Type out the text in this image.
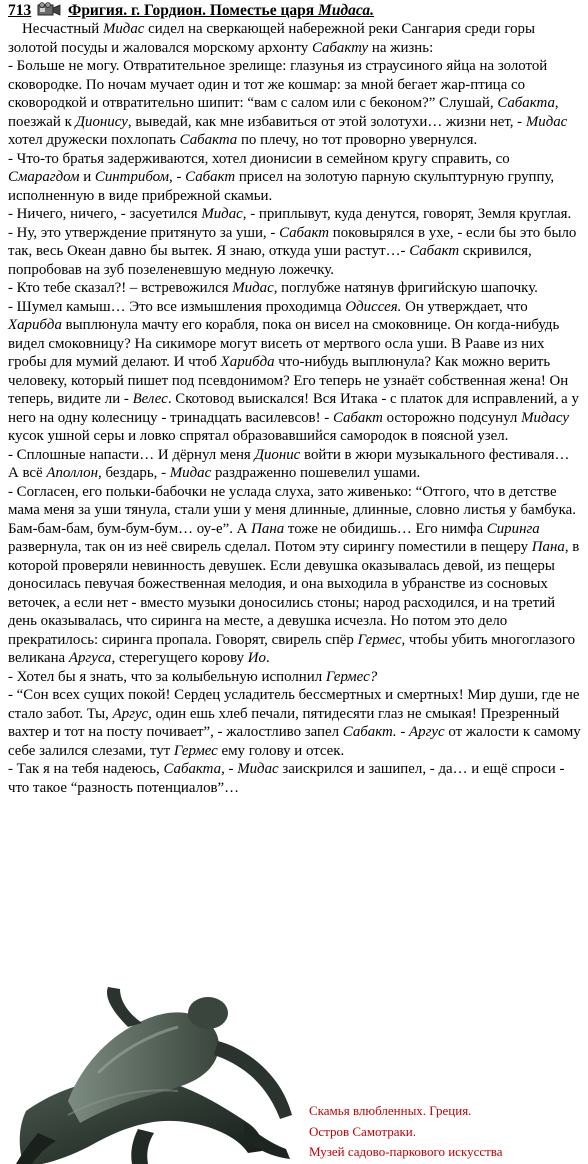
713 Фригия. г. Гордион. Поместье царя Мидаса.

Несчастный Мидас сидел на сверкающей набережной реки Сангария среди горы золотой посуды и жаловался морскому архонту Сабакту на жизнь:

- Больше не могу. Отвратительное зрелище: глазунья из страусиного яйца на золотой сковородке. По ночам мучает один и тот же кошмар: за мной бегает жар-птица со сковородкой и отвратительно шипит: “вам с салом или с беконом?” Слушай, Сабакта, поезжай к Дионису, выведай, как мне избавиться от этой золотухи… жизни нет, - Мидас хотел дружески похлопать Сабакта по плечу, но тот проворно увернулся.

- Что-то братья задерживаются, хотел дионисии в семейном кругу справить, со Смарагдом и Синтрибом, - Сабакт присел на золотую парную скульптурную группу, исполненную в виде прибрежной скамьи.

- Ничего, ничего, - засуетился Мидас, - приплывут, куда денутся, говорят, Земля круглая.

- Ну, это утверждение притянуто за уши, - Сабакт поковырялся в ухе, - если бы это было так, весь Океан давно бы вытек. Я знаю, откуда уши растут…- Сабакт скривился, попробовав на зуб позеленевшую медную ложечку.

- Кто тебе сказал?! – встревожился Мидас, поглубже натянув фригийскую шапочку.

- Шумел камыш… Это все измышления проходимца Одиссея. Он утверждает, что Харибда выплюнула мачту его корабля, пока он висел на смоковнице. Он когда-нибудь видел смоковницу? На сикиморе могут висеть от мертвого осла уши. В Рааве из них гробы для мумий делают. И чтоб Харибда что-нибудь выплюнула? Как можно верить человеку, который пишет под псевдонимом? Его теперь не узнаёт собственная жена! Он теперь, видите ли - Велес. Скотовод выискался! Вся Итака - с платок для исправлений, а у него на одну колесницу - тринадцать василевсов! - Сабакт осторожно подсунул Мидасу кусок ушной серы и ловко спрятал образовавшийся самородок в поясной узел.

- Сплошные напасти… И дёрнул меня Дионис войти в жюри музыкального фестиваля… А всё Аполлон, бездарь, - Мидас раздраженно пошевелил ушами.

- Согласен, его польки-бабочки не услада слуха, зато живенько: “Отгого, что в детстве мама меня за уши тянула, стали уши у меня длинные, длинные, словно листья у бамбука. Бам-бам-бам, бум-бум-бум… оу-е”. А Пана тоже не обидишь… Его нимфа Сиринга развернула, так он из неё свирель сделал. Потом эту сирингу поместили в пещеру Пана, в которой проверяли невинность девушек. Если девушка оказывалась девой, из пещеры доносилась певучая божественная мелодия, и она выходила в убранстве из сосновых веточек, а если нет - вместо музыки доносились стоны; народ расходился, и на третий день оказывалась, что сиринга на месте, а девушка исчезла. Но потом это дело прекратилось: сиринга пропала. Говорят, свирель спёр Гермес, чтобы убить многоглазого великана Аргуса, стерегущего корову Ио.

- Хотел бы я знать, что за колыбельную исполнил Гермес?

- “Сон всех сущих покой! Сердец усладитель бессмертных и смертных! Мир души, где не стало забот. Ты, Аргус, один ешь хлеб печали, пятидесяти глаз не смыкая! Презренный вахтер и тот на посту почивает”, - жалостливо запел Сабакт. - Аргус от жалости к самому себе залился слезами, тут Гермес ему голову и отсек.

- Так я на тебя надеюсь, Сабакта, - Мидас заискрился и зашипел, - да… и ещё спроси - что такое “разность потенциалов”…

Скамья влюбленных. Греция.
Остров Самотраки.
Музей садово-паркового искусства
